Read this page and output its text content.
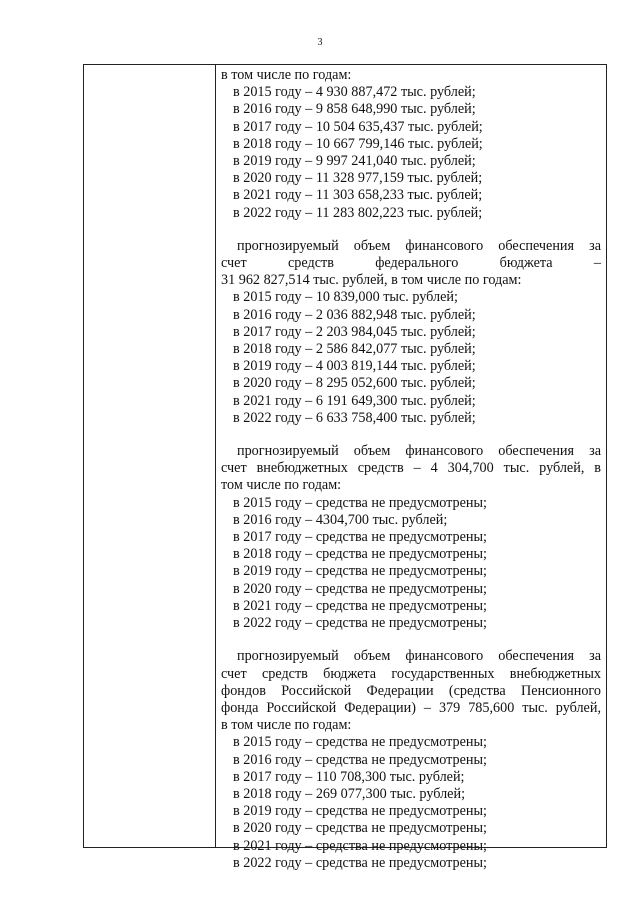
3
в том числе по годам:
в 2015 году – 4 930 887,472 тыс. рублей;
в 2016 году – 9 858 648,990 тыс. рублей;
в 2017 году – 10 504 635,437 тыс. рублей;
в 2018 году – 10 667 799,146 тыс. рублей;
в 2019 году – 9 997 241,040 тыс. рублей;
в 2020 году – 11 328 977,159 тыс. рублей;
в 2021 году – 11 303 658,233 тыс. рублей;
в 2022 году – 11 283 802,223 тыс. рублей;
прогнозируемый объем финансового обеспечения за
счет средств федерального бюджета –
31 962 827,514 тыс. рублей, в том числе по годам:
в 2015 году – 10 839,000 тыс. рублей;
в 2016 году – 2 036 882,948 тыс. рублей;
в 2017 году – 2 203 984,045 тыс. рублей;
в 2018 году – 2 586 842,077 тыс. рублей;
в 2019 году – 4 003 819,144 тыс. рублей;
в 2020 году – 8 295 052,600 тыс. рублей;
в 2021 году – 6 191 649,300 тыс. рублей;
в 2022 году – 6 633 758,400 тыс. рублей;
прогнозируемый объем финансового обеспечения за
счет внебюджетных средств – 4 304,700 тыс. рублей, в
том числе по годам:
в 2015 году – средства не предусмотрены;
в 2016 году – 4304,700 тыс. рублей;
в 2017 году – средства не предусмотрены;
в 2018 году – средства не предусмотрены;
в 2019 году – средства не предусмотрены;
в 2020 году – средства не предусмотрены;
в 2021 году – средства не предусмотрены;
в 2022 году – средства не предусмотрены;
прогнозируемый объем финансового обеспечения за
счет средств бюджета государственных внебюджетных
фондов Российской Федерации (средства Пенсионного
фонда Российской Федерации) – 379 785,600 тыс. рублей,
в том числе по годам:
в 2015 году – средства не предусмотрены;
в 2016 году – средства не предусмотрены;
в 2017 году – 110 708,300 тыс. рублей;
в 2018 году – 269 077,300 тыс. рублей;
в 2019 году – средства не предусмотрены;
в 2020 году – средства не предусмотрены;
в 2021 году – средства не предусмотрены;
в 2022 году – средства не предусмотрены;
